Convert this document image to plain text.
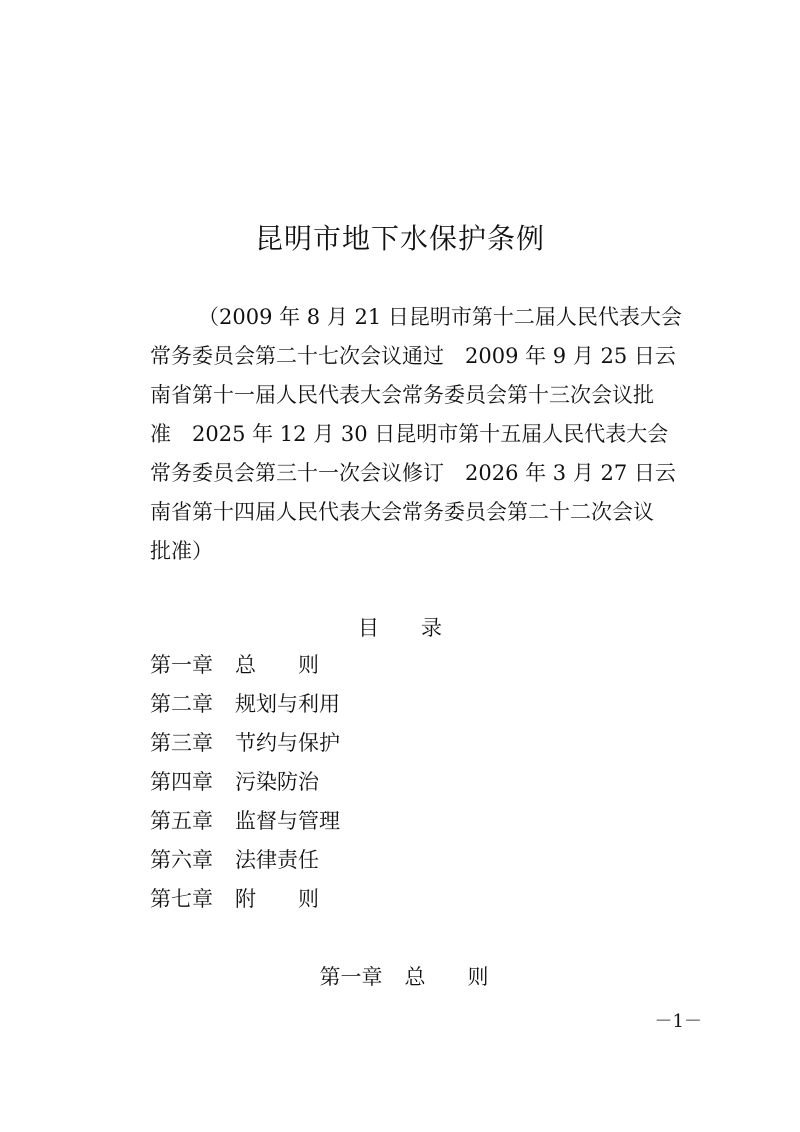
昆明市地下水保护条例
（2009 年 8 月 21 日昆明市第十二届人民代表大会
常务委员会第二十七次会议通过　2009 年 9 月 25 日云
南省第十一届人民代表大会常务委员会第十三次会议批
准　2025 年 12 月 30 日昆明市第十五届人民代表大会
常务委员会第三十一次会议修订　2026 年 3 月 27 日云
南省第十四届人民代表大会常务委员会第二十二次会议
批准）
目　　录
第一章 总　　则
第二章 规划与利用
第三章 节约与保护
第四章 污染防治
第五章 监督与管理
第六章 法律责任
第七章 附　　则
第一章 总　　则
－1－
